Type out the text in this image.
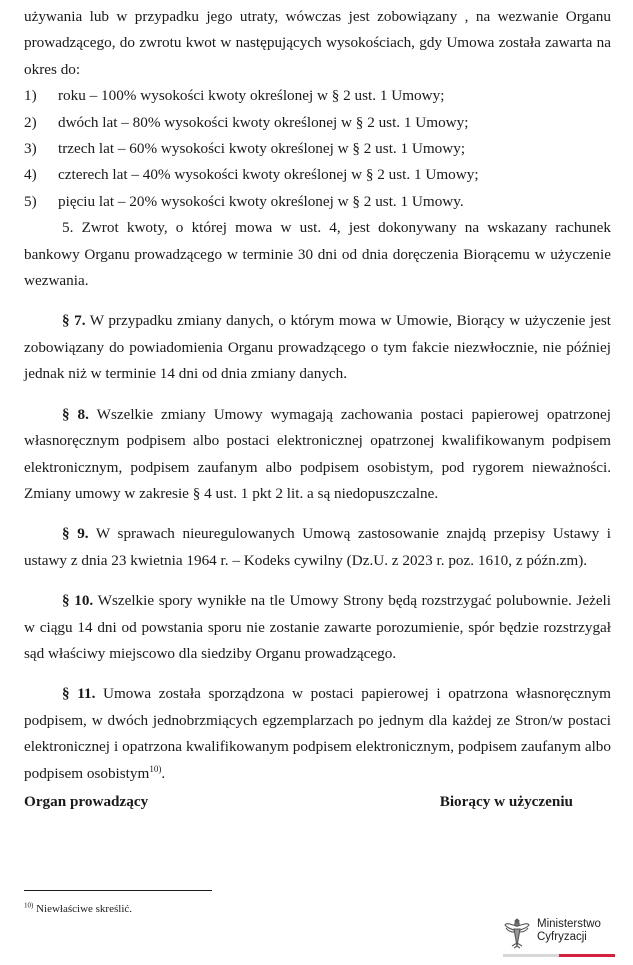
używania lub w przypadku jego utraty, wówczas jest zobowiązany , na wezwanie Organu prowadzącego, do zwrotu kwot w następujących wysokościach, gdy Umowa została zawarta na okres do:

1)	roku – 100% wysokości kwoty określonej w § 2 ust. 1 Umowy;
2)	dwóch lat – 80% wysokości kwoty określonej w § 2 ust. 1 Umowy;
3)	trzech lat – 60% wysokości kwoty określonej w § 2 ust. 1 Umowy;
4)	czterech lat – 40% wysokości kwoty określonej w § 2 ust. 1 Umowy;
5)	pięciu lat – 20% wysokości kwoty określonej w § 2 ust. 1 Umowy.

5. Zwrot kwoty, o której mowa w ust. 4, jest dokonywany na wskazany rachunek bankowy Organu prowadzącego w terminie 30 dni od dnia doręczenia Biorącemu w użyczenie wezwania.

§ 7. W przypadku zmiany danych, o którym mowa w Umowie, Biorący w użyczenie jest zobowiązany do powiadomienia Organu prowadzącego o tym fakcie niezwłocznie, nie później jednak niż w terminie 14 dni od dnia zmiany danych.

§ 8. Wszelkie zmiany Umowy wymagają zachowania postaci papierowej opatrzonej własnoręcznym podpisem albo postaci elektronicznej opatrzonej kwalifikowanym podpisem elektronicznym, podpisem zaufanym albo podpisem osobistym, pod rygorem nieważności. Zmiany umowy w zakresie § 4 ust. 1 pkt 2 lit. a są niedopuszczalne.

§ 9. W sprawach nieuregulowanych Umową zastosowanie znajdą przepisy Ustawy i ustawy z dnia 23 kwietnia 1964 r. – Kodeks cywilny (Dz.U. z 2023 r. poz. 1610, z późn.zm).

§ 10. Wszelkie spory wynikłe na tle Umowy Strony będą rozstrzygać polubownie. Jeżeli w ciągu 14 dni od powstania sporu nie zostanie zawarte porozumienie, spór będzie rozstrzygał sąd właściwy miejscowo dla siedziby Organu prowadzącego.

§ 11. Umowa została sporządzona w postaci papierowej i opatrzona własnoręcznym podpisem, w dwóch jednobrzmiących egzemplarzach po jednym dla każdej ze Stron/w postaci elektronicznej i opatrzona kwalifikowanym podpisem elektronicznym, podpisem zaufanym albo podpisem osobistym$^{10)}$.

Organ prowadzący	Biorący w użyczeniu
$^{10)}$ Niewłaściwe skreślić.
Ministerstwo
Cyfryzacji
